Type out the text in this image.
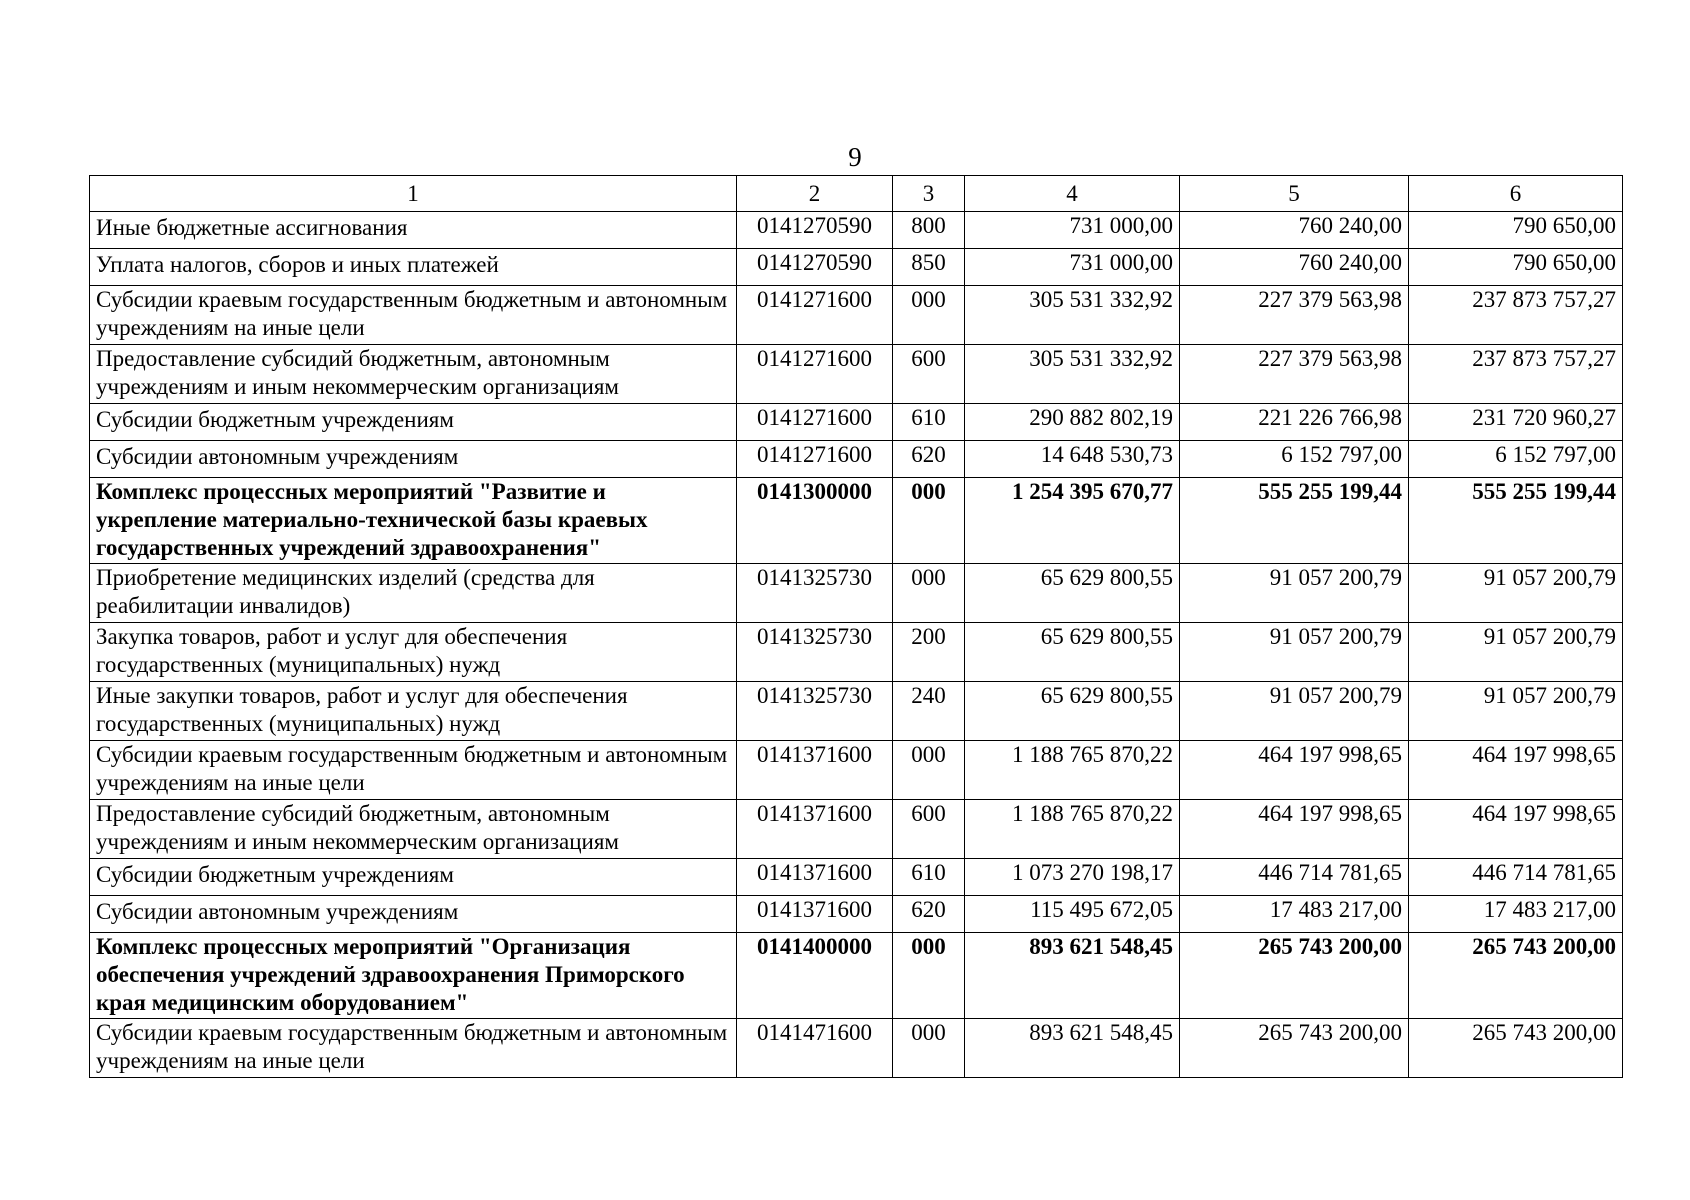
9
1	2	3	4	5	6
Иные бюджетные ассигнования	0141270590	800	731 000,00	760 240,00	790 650,00
Уплата налогов, сборов и иных платежей	0141270590	850	731 000,00	760 240,00	790 650,00
Субсидии краевым государственным бюджетным и автономным учреждениям на иные цели	0141271600	000	305 531 332,92	227 379 563,98	237 873 757,27
Предоставление субсидий бюджетным, автономным учреждениям и иным некоммерческим организациям	0141271600	600	305 531 332,92	227 379 563,98	237 873 757,27
Субсидии бюджетным учреждениям	0141271600	610	290 882 802,19	221 226 766,98	231 720 960,27
Субсидии автономным учреждениям	0141271600	620	14 648 530,73	6 152 797,00	6 152 797,00
Комплекс процессных мероприятий "Развитие и укрепление материально-технической базы краевых государственных учреждений здравоохранения"	0141300000	000	1 254 395 670,77	555 255 199,44	555 255 199,44
Приобретение медицинских изделий (средства для реабилитации инвалидов)	0141325730	000	65 629 800,55	91 057 200,79	91 057 200,79
Закупка товаров, работ и услуг для обеспечения государственных (муниципальных) нужд	0141325730	200	65 629 800,55	91 057 200,79	91 057 200,79
Иные закупки товаров, работ и услуг для обеспечения государственных (муниципальных) нужд	0141325730	240	65 629 800,55	91 057 200,79	91 057 200,79
Субсидии краевым государственным бюджетным и автономным учреждениям на иные цели	0141371600	000	1 188 765 870,22	464 197 998,65	464 197 998,65
Предоставление субсидий бюджетным, автономным учреждениям и иным некоммерческим организациям	0141371600	600	1 188 765 870,22	464 197 998,65	464 197 998,65
Субсидии бюджетным учреждениям	0141371600	610	1 073 270 198,17	446 714 781,65	446 714 781,65
Субсидии автономным учреждениям	0141371600	620	115 495 672,05	17 483 217,00	17 483 217,00
Комплекс процессных мероприятий "Организация обеспечения учреждений здравоохранения Приморского края медицинским оборудованием"	0141400000	000	893 621 548,45	265 743 200,00	265 743 200,00
Субсидии краевым государственным бюджетным и автономным учреждениям на иные цели	0141471600	000	893 621 548,45	265 743 200,00	265 743 200,00
